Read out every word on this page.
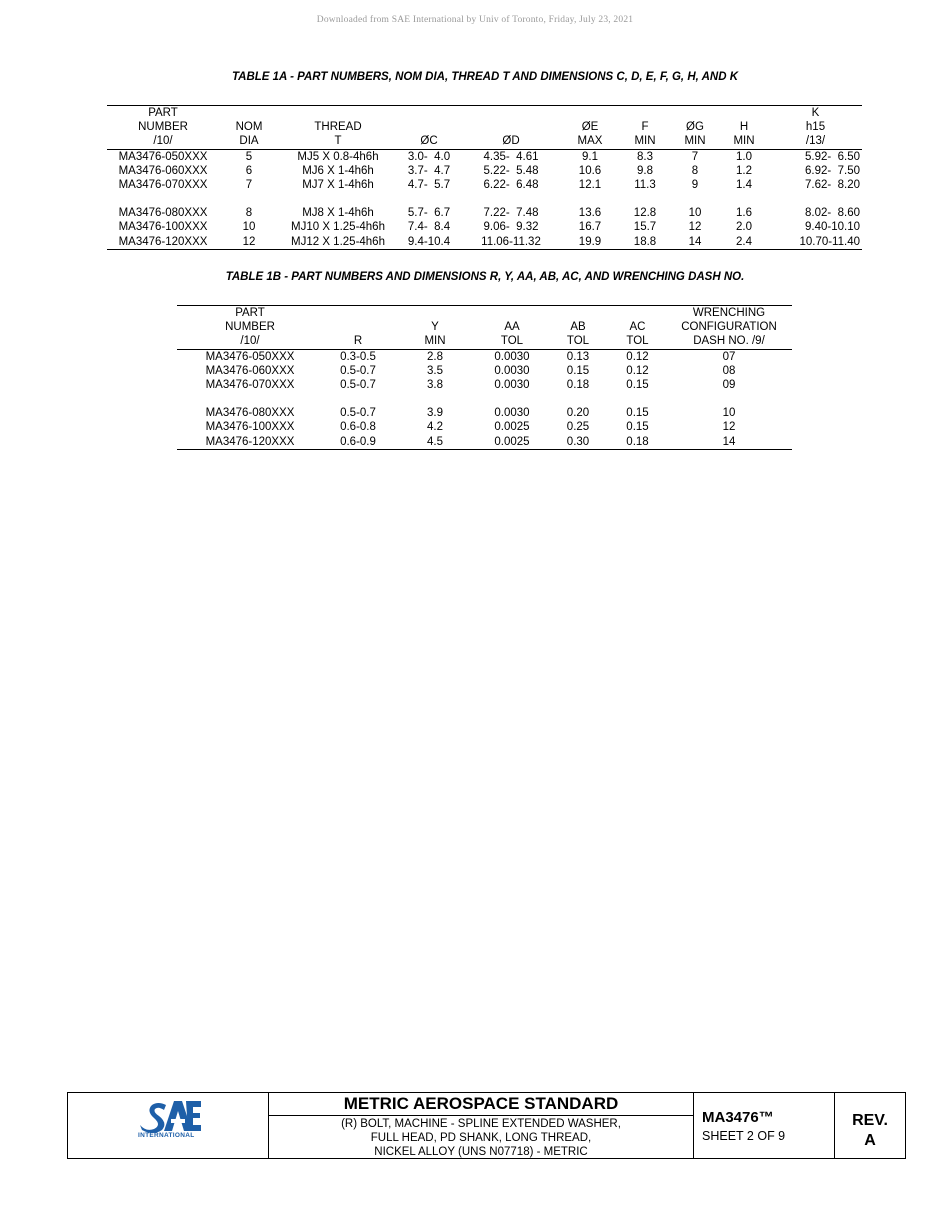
Downloaded from SAE International by Univ of Toronto, Friday, July 23, 2021
TABLE 1A - PART NUMBERS, NOM DIA, THREAD T AND DIMENSIONS C, D, E, F, G, H, AND K
PART									K
NUMBER	NOM	THREAD			ØE	F	ØG	H	h15
/10/	DIA	T	ØC	ØD	MAX	MIN	MIN	MIN	/13/
MA3476-050XXX	5	MJ5 X 0.8-4h6h	3.0-  4.0	4.35-  4.61	9.1	8.3	7	1.0	5.92-  6.50
MA3476-060XXX	6	MJ6 X 1-4h6h	3.7-  4.7	5.22-  5.48	10.6	9.8	8	1.2	6.92-  7.50
MA3476-070XXX	7	MJ7 X 1-4h6h	4.7-  5.7	6.22-  6.48	12.1	11.3	9	1.4	7.62-  8.20

MA3476-080XXX	8	MJ8 X 1-4h6h	5.7-  6.7	7.22-  7.48	13.6	12.8	10	1.6	8.02-  8.60
MA3476-100XXX	10	MJ10 X 1.25-4h6h	7.4-  8.4	9.06-  9.32	16.7	15.7	12	2.0	9.40-10.10
MA3476-120XXX	12	MJ12 X 1.25-4h6h	9.4-10.4	11.06-11.32	19.9	18.8	14	2.4	10.70-11.40
TABLE 1B - PART NUMBERS AND DIMENSIONS R, Y, AA, AB, AC, AND WRENCHING DASH NO.
PART						WRENCHING
NUMBER		Y	AA	AB	AC	CONFIGURATION
/10/	R	MIN	TOL	TOL	TOL	DASH NO. /9/
MA3476-050XXX	0.3-0.5	2.8	0.0030	0.13	0.12	07
MA3476-060XXX	0.5-0.7	3.5	0.0030	0.15	0.12	08
MA3476-070XXX	0.5-0.7	3.8	0.0030	0.18	0.15	09

MA3476-080XXX	0.5-0.7	3.9	0.0030	0.20	0.15	10
MA3476-100XXX	0.6-0.8	4.2	0.0025	0.25	0.15	12
MA3476-120XXX	0.6-0.9	4.5	0.0025	0.30	0.18	14
INTERNATIONAL
METRIC AEROSPACE STANDARD
(R) BOLT, MACHINE - SPLINE EXTENDED WASHER,
FULL HEAD, PD SHANK, LONG THREAD,
NICKEL ALLOY (UNS N07718) - METRIC
MA3476™
SHEET 2 OF 9
REV.
A
